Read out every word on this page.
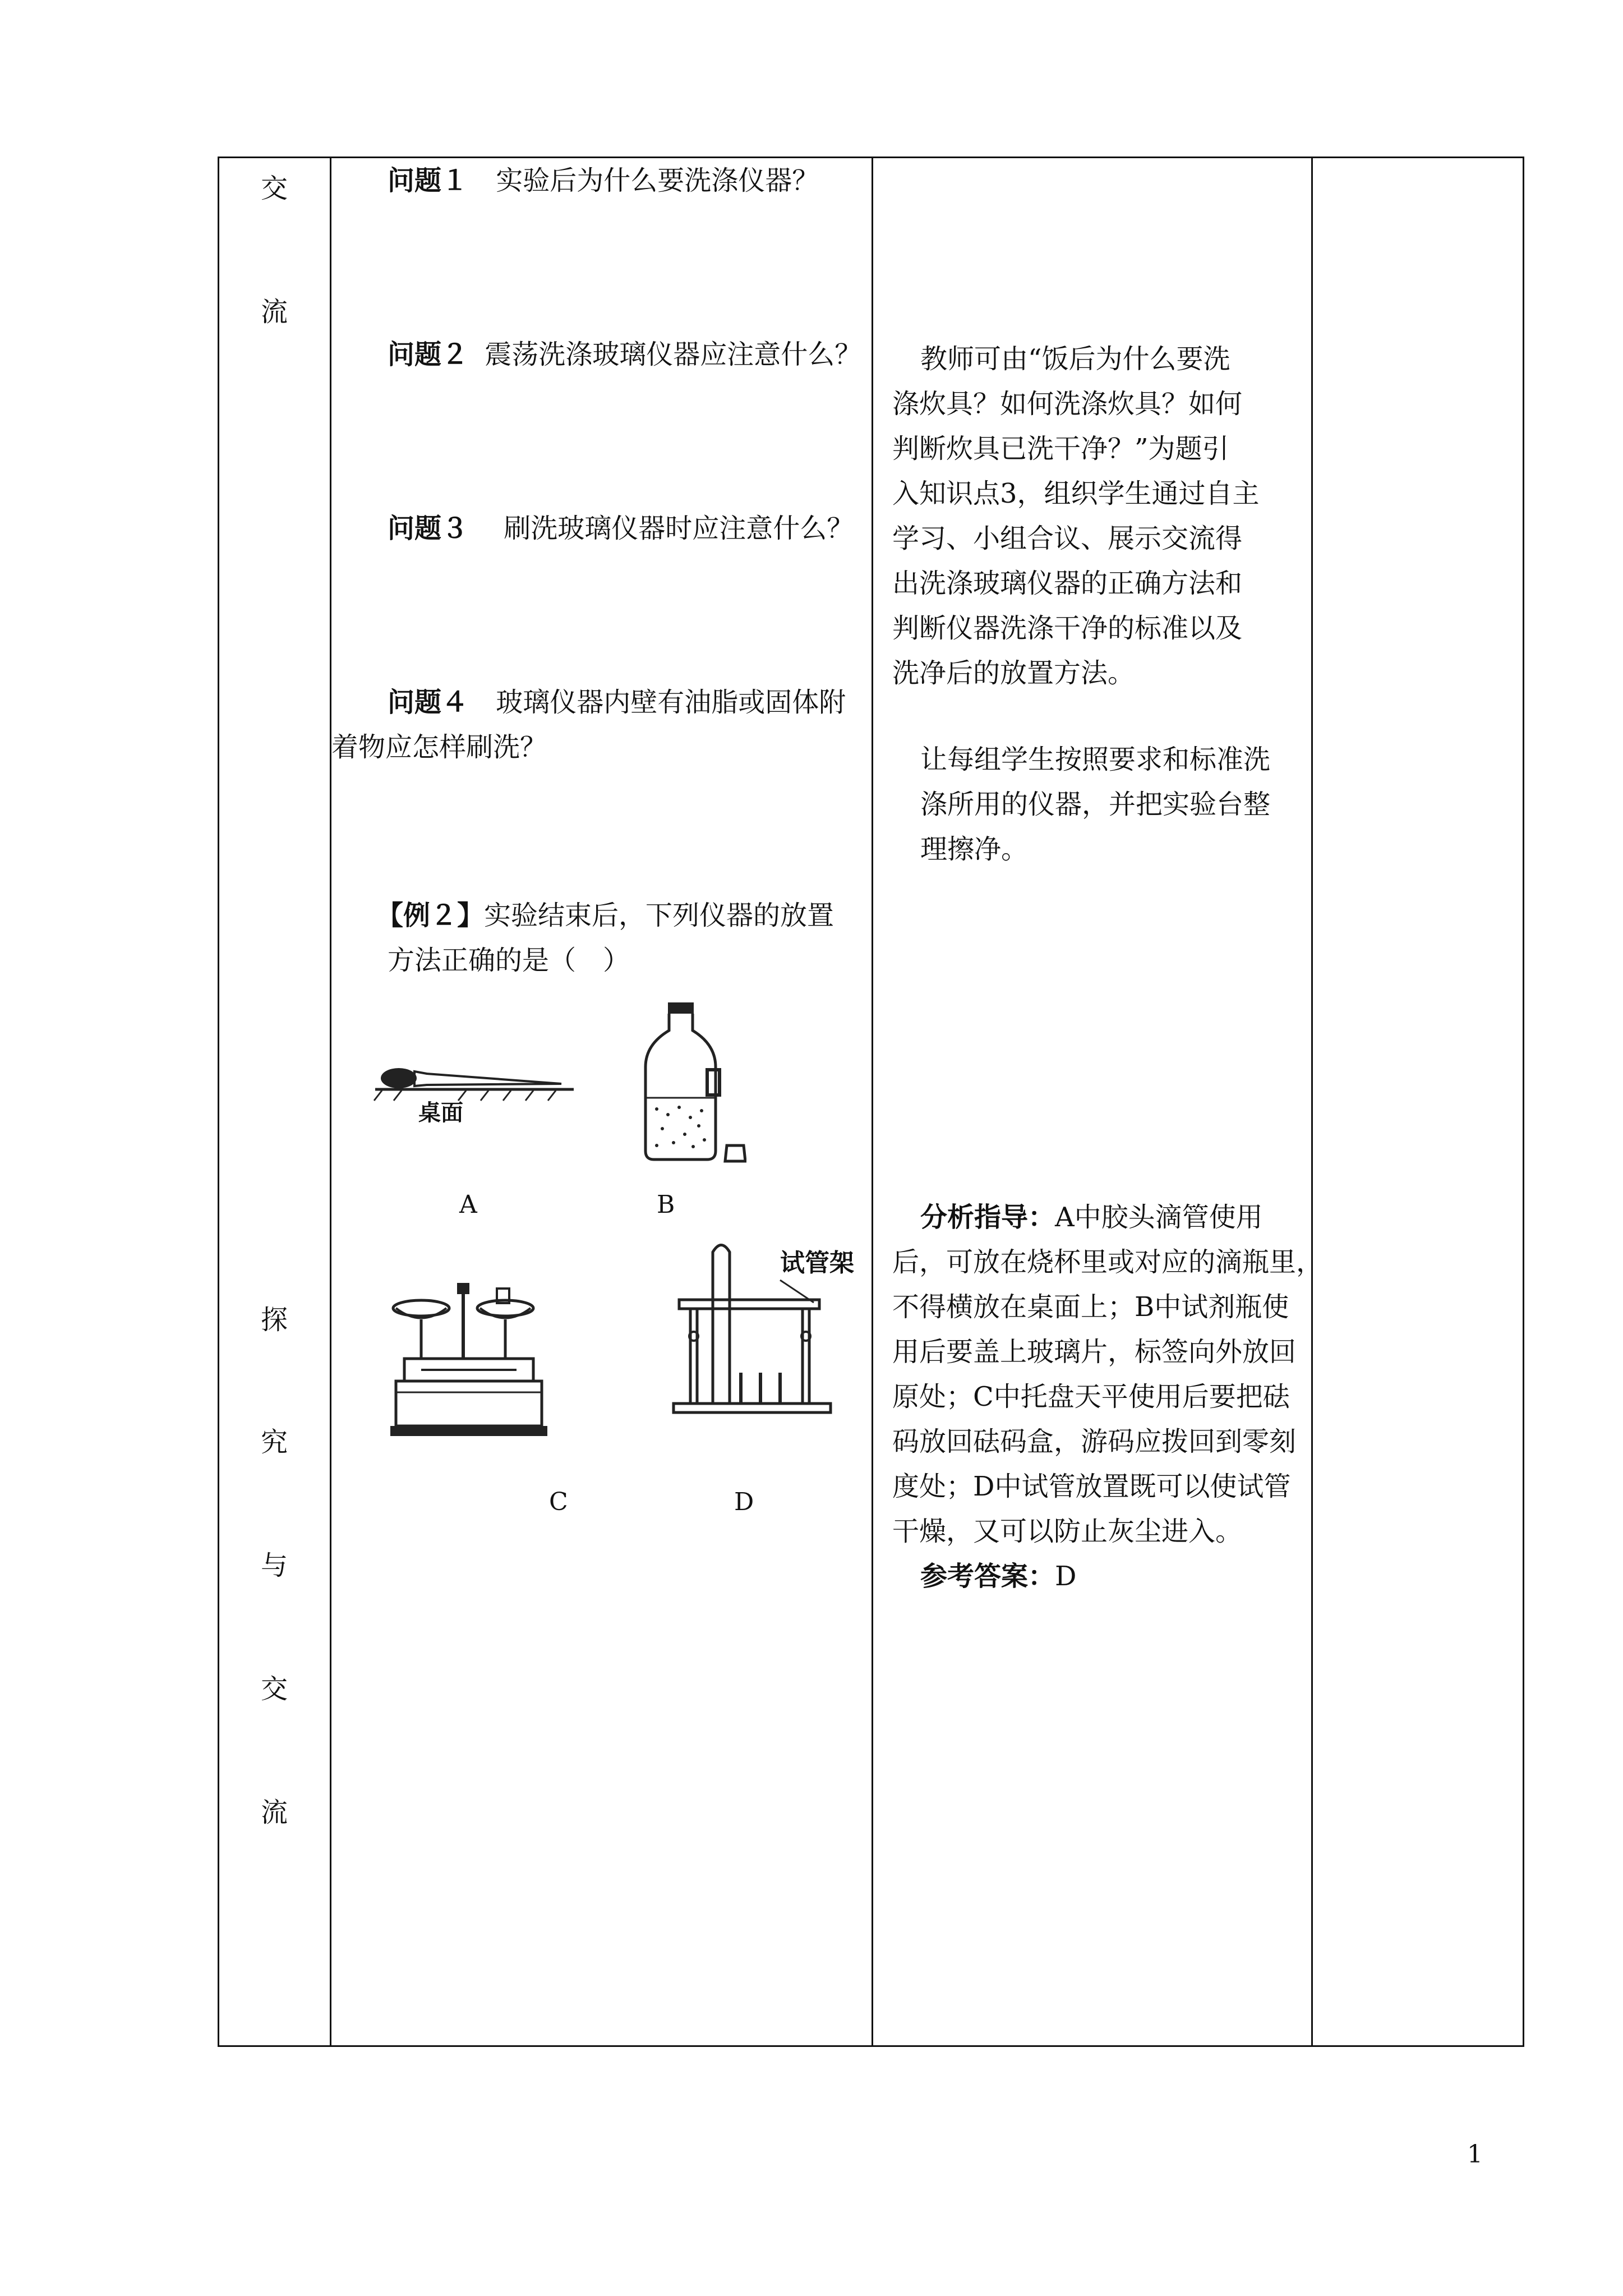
交
流
探
究
与
交
流
问题１ 实验后为什么要洗涤仪器？
问题２ 震荡洗涤玻璃仪器应注意什么？
问题３ 刷洗玻璃仪器时应注意什么？
问题４ 玻璃仪器内壁有油脂或固体附
着物应怎样刷洗？
【例２】实验结束后，下列仪器的放置
方法正确的是（　）
桌面
A	B
C
试管架
D
教师可由“饭后为什么要洗
涤炊具？如何洗涤炊具？如何
判断炊具已洗干净？”为题引
入知识点3，组织学生通过自主
学习、小组合议、展示交流得
出洗涤玻璃仪器的正确方法和
判断仪器洗涤干净的标准以及
洗净后的放置方法。
让每组学生按照要求和标准洗
涤所用的仪器，并把实验台整
理擦净。
分析指导：A中胶头滴管使用
后，可放在烧杯里或对应的滴瓶里，
不得横放在桌面上；B中试剂瓶使
用后要盖上玻璃片，标签向外放回
原处；C中托盘天平使用后要把砝
码放回砝码盒，游码应拨回到零刻
度处；D中试管放置既可以使试管
干燥，又可以防止灰尘进入。
参考答案：D
1
